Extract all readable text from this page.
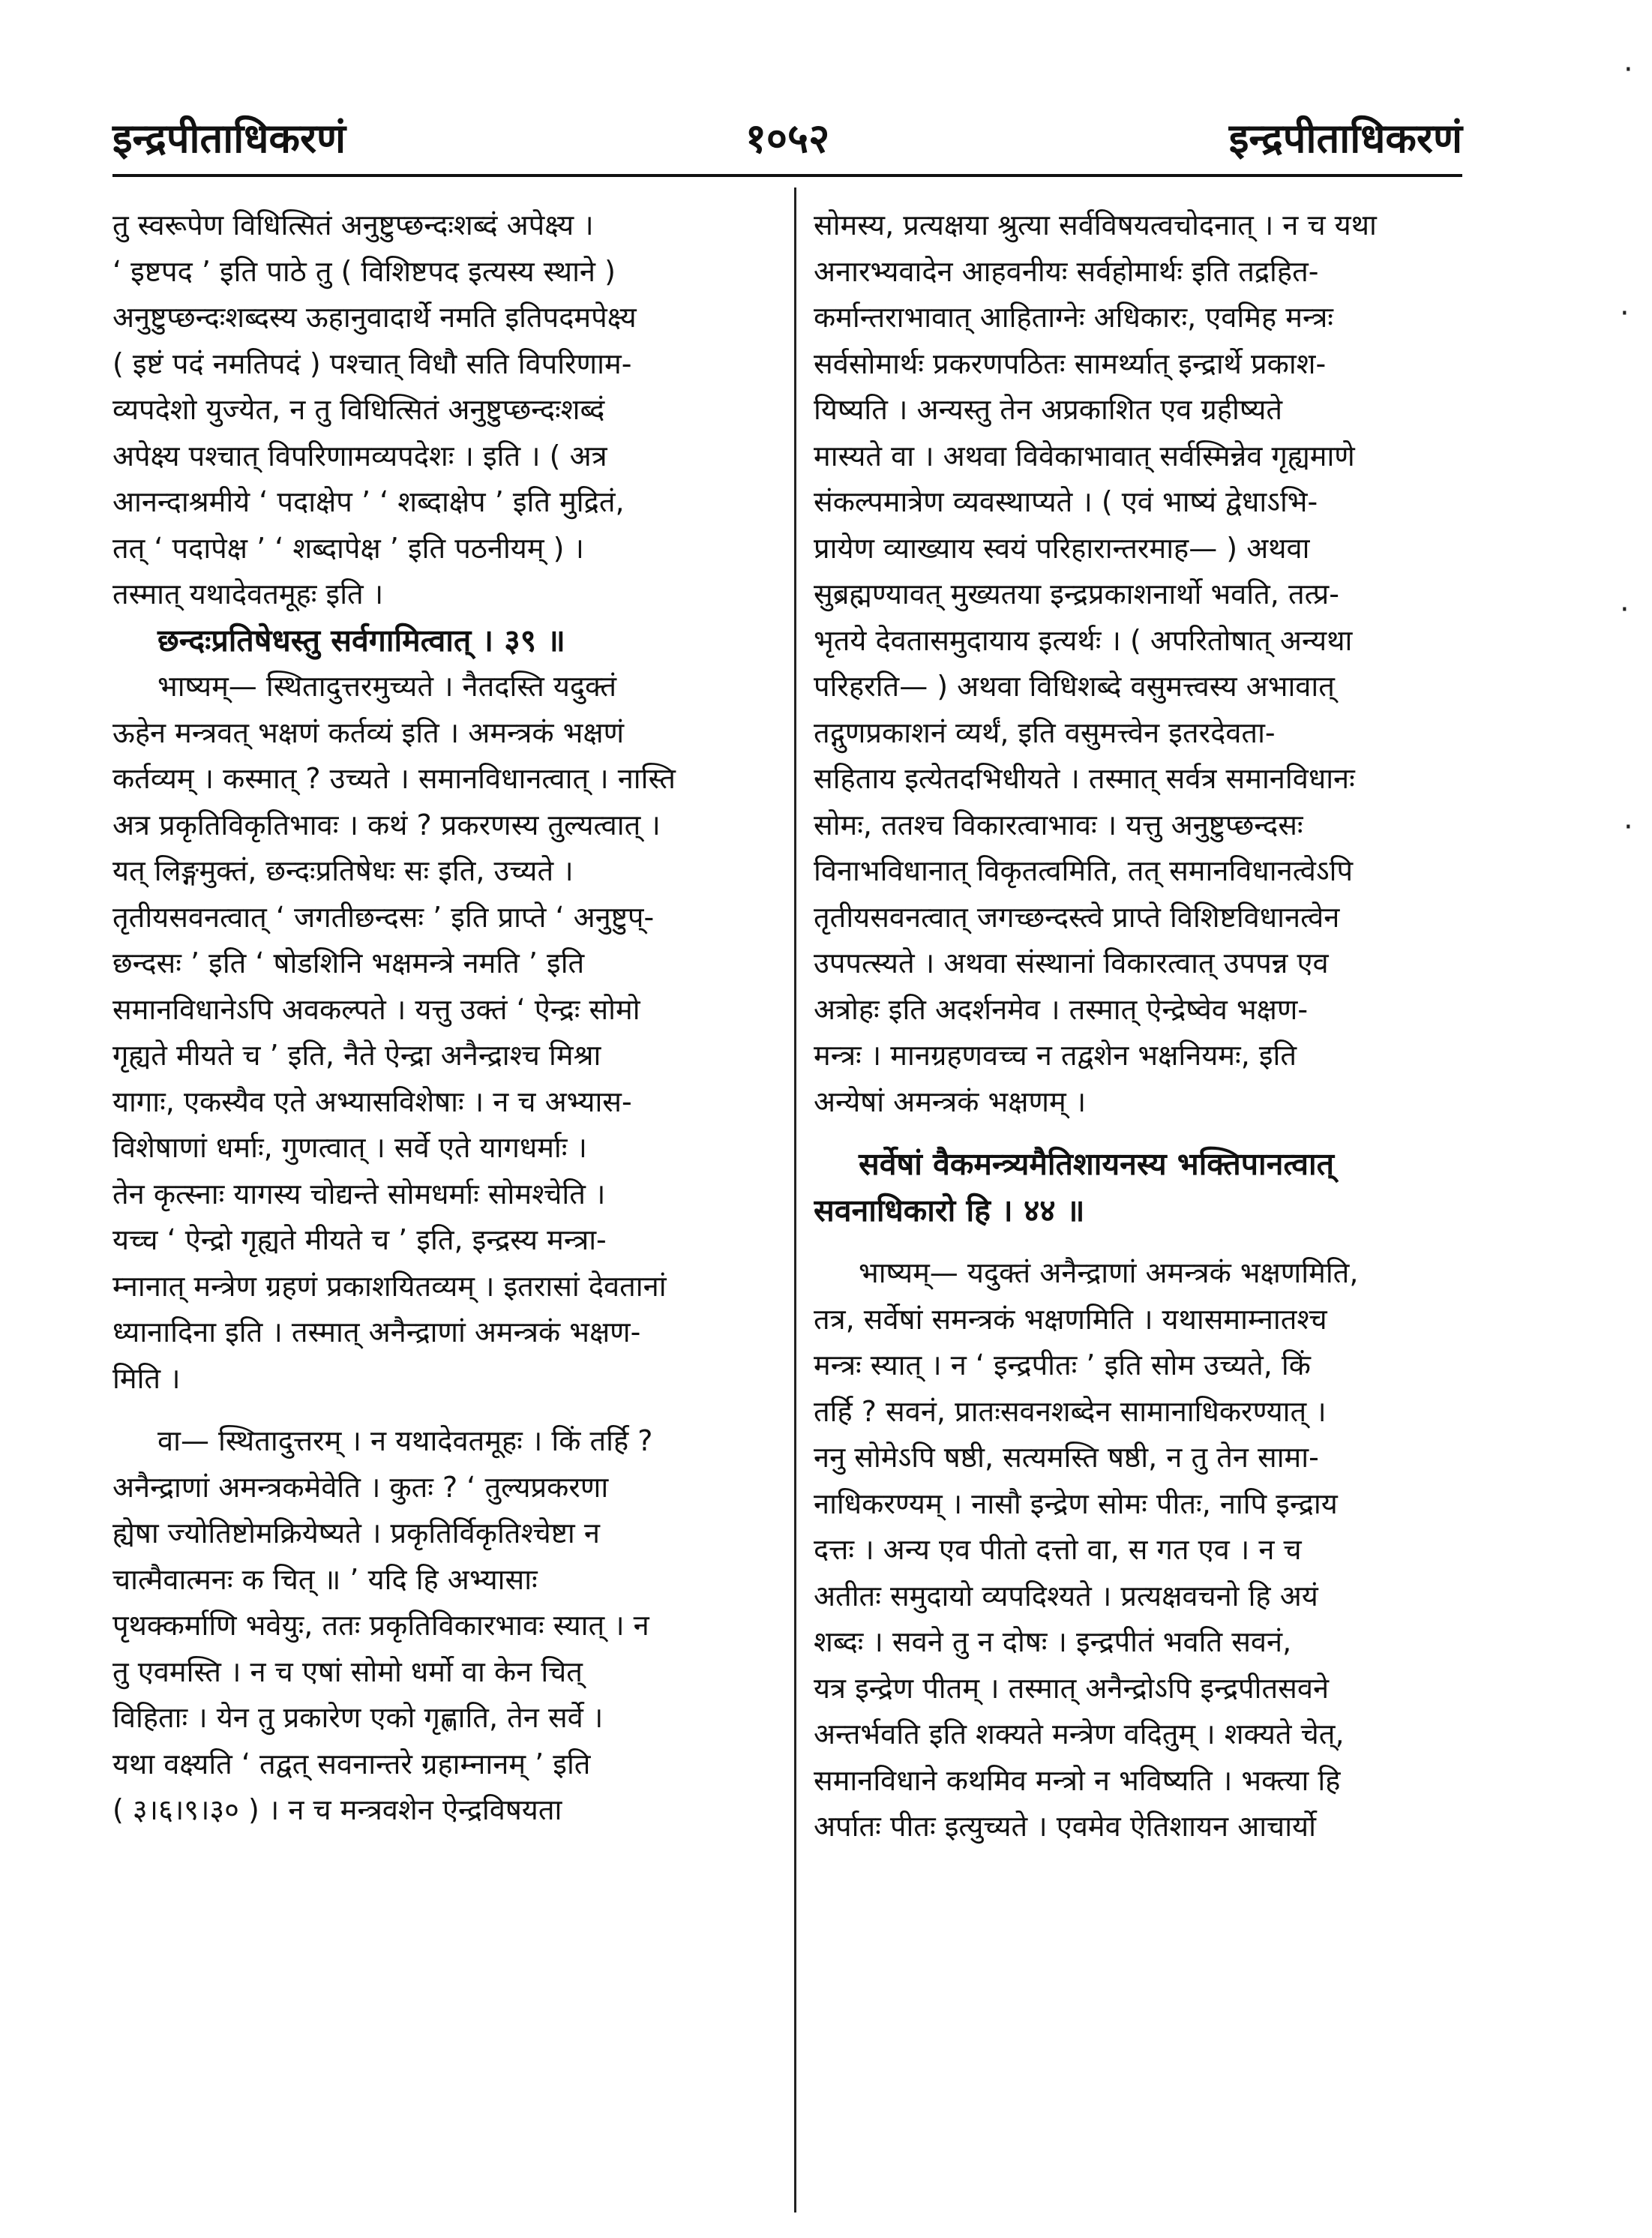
इन्द्रपीताधिकरणं	१०५२	इन्द्रपीताधिकरणं
तु स्वरूपेण विधित्सितं अनुष्टुप्छन्दःशब्दं अपेक्ष्य ।
‘ इष्टपद ’ इति पाठे तु ( विशिष्टपद इत्यस्य स्थाने )
अनुष्टुप्छन्दःशब्दस्य ऊहानुवादार्थे नमति इतिपदमपेक्ष्य
( इष्टं पदं नमतिपदं ) पश्चात् विधौ सति विपरिणाम-
व्यपदेशो युज्येत, न तु विधित्सितं अनुष्टुप्छन्दःशब्दं
अपेक्ष्य पश्चात् विपरिणामव्यपदेशः । इति । ( अत्र
आनन्दाश्रमीये ‘ पदाक्षेप ’ ‘ शब्दाक्षेप ’ इति मुद्रितं,
तत् ‘ पदापेक्ष ’ ‘ शब्दापेक्ष ’ इति पठनीयम् ) ।
तस्मात् यथादेवतमूहः इति ।
छन्दःप्रतिषेधस्तु सर्वगामित्वात् । ३९ ॥
भाष्यम्— स्थितादुत्तरमुच्यते । नैतदस्ति यदुक्तं
ऊहेन मन्त्रवत् भक्षणं कर्तव्यं इति । अमन्त्रकं भक्षणं
कर्तव्यम् । कस्मात् ? उच्यते । समानविधानत्वात् । नास्ति
अत्र प्रकृतिविकृतिभावः । कथं ? प्रकरणस्य तुल्यत्वात् ।
यत् लिङ्गमुक्तं, छन्दःप्रतिषेधः सः इति, उच्यते ।
तृतीयसवनत्वात् ‘ जगतीछन्दसः ’ इति प्राप्ते ‘ अनुष्टुप्-
छन्दसः ’ इति ‘ षोडशिनि भक्षमन्त्रे नमति ’ इति
समानविधानेऽपि अवकल्पते । यत्तु उक्तं ‘ ऐन्द्रः सोमो
गृह्यते मीयते च ’ इति, नैते ऐन्द्रा अनैन्द्राश्च मिश्रा
यागाः, एकस्यैव एते अभ्यासविशेषाः । न च अभ्यास-
विशेषाणां धर्माः, गुणत्वात् । सर्वे एते यागधर्माः ।
तेन कृत्स्नाः यागस्य चोद्यन्ते सोमधर्माः सोमश्चेति ।
यच्च ‘ ऐन्द्रो गृह्यते मीयते च ’ इति, इन्द्रस्य मन्त्रा-
म्नानात् मन्त्रेण ग्रहणं प्रकाशयितव्यम् । इतरासां देवतानां
ध्यानादिना इति । तस्मात् अनैन्द्राणां अमन्त्रकं भक्षण-
मिति ।
वा— स्थितादुत्तरम् । न यथादेवतमूहः । किं तर्हि ?
अनैन्द्राणां अमन्त्रकमेवेति । कुतः ? ‘ तुल्यप्रकरणा
ह्येषा ज्योतिष्टोमक्रियेष्यते । प्रकृतिर्विकृतिश्चेष्टा न
चात्मैवात्मनः क चित् ॥ ’ यदि हि अभ्यासाः
पृथक्कर्माणि भवेयुः, ततः प्रकृतिविकारभावः स्यात् । न
तु एवमस्ति । न च एषां सोमो धर्मो वा केन चित्
विहिताः । येन तु प्रकारेण एको गृह्णाति, तेन सर्वे ।
यथा वक्ष्यति ‘ तद्वत् सवनान्तरे ग्रहाम्नानम् ’ इति
( ३।६।९।३० ) । न च मन्त्रवशेन ऐन्द्रविषयता
सोमस्य, प्रत्यक्षया श्रुत्या सर्वविषयत्वचोदनात् । न च यथा
अनारभ्यवादेन आहवनीयः सर्वहोमार्थः इति तद्रहित-
कर्मान्तराभावात् आहिताग्नेः अधिकारः, एवमिह मन्त्रः
सर्वसोमार्थः प्रकरणपठितः सामर्थ्यात् इन्द्रार्थे प्रकाश-
यिष्यति । अन्यस्तु तेन अप्रकाशित एव ग्रहीष्यते
मास्यते वा । अथवा विवेकाभावात् सर्वस्मिन्नेव गृह्यमाणे
संकल्पमात्रेण व्यवस्थाप्यते । ( एवं भाष्यं द्वेधाऽभि-
प्रायेण व्याख्याय स्वयं परिहारान्तरमाह— ) अथवा
सुब्रह्मण्यावत् मुख्यतया इन्द्रप्रकाशनार्थो भवति, तत्प्र-
भृतये देवतासमुदायाय इत्यर्थः । ( अपरितोषात् अन्यथा
परिहरति— ) अथवा विधिशब्दे वसुमत्त्वस्य अभावात्
तद्गुणप्रकाशनं व्यर्थं, इति वसुमत्त्वेन इतरदेवता-
सहिताय इत्येतदभिधीयते । तस्मात् सर्वत्र समानविधानः
सोमः, ततश्च विकारत्वाभावः । यत्तु अनुष्टुप्छन्दसः
विनाभविधानात् विकृतत्वमिति, तत् समानविधानत्वेऽपि
तृतीयसवनत्वात् जगच्छन्दस्त्वे प्राप्ते विशिष्टविधानत्वेन
उपपत्स्यते । अथवा संस्थानां विकारत्वात् उपपन्न एव
अत्रोहः इति अदर्शनमेव । तस्मात् ऐन्द्रेष्वेव भक्षण-
मन्त्रः । मानग्रहणवच्च न तद्वशेन भक्षनियमः, इति
अन्येषां अमन्त्रकं भक्षणम् ।
सर्वेषां वैकमन्त्र्यमैतिशायनस्य भक्तिपानत्वात्
सवनाधिकारो हि । ४४ ॥
भाष्यम्— यदुक्तं अनैन्द्राणां अमन्त्रकं भक्षणमिति,
तत्र, सर्वेषां समन्त्रकं भक्षणमिति । यथासमाम्नातश्च
मन्त्रः स्यात् । न ‘ इन्द्रपीतः ’ इति सोम उच्यते, किं
तर्हि ? सवनं, प्रातःसवनशब्देन सामानाधिकरण्यात् ।
ननु सोमेऽपि षष्ठी, सत्यमस्ति षष्ठी, न तु तेन सामा-
नाधिकरण्यम् । नासौ इन्द्रेण सोमः पीतः, नापि इन्द्राय
दत्तः । अन्य एव पीतो दत्तो वा, स गत एव । न च
अतीतः समुदायो व्यपदिश्यते । प्रत्यक्षवचनो हि अयं
शब्दः । सवने तु न दोषः । इन्द्रपीतं भवति सवनं,
यत्र इन्द्रेण पीतम् । तस्मात् अनैन्द्रोऽपि इन्द्रपीतसवने
अन्तर्भवति इति शक्यते मन्त्रेण वदितुम् । शक्यते चेत्,
समानविधाने कथमिव मन्त्रो न भविष्यति । भक्त्या हि
अर्पातः पीतः इत्युच्यते । एवमेव ऐतिशायन आचार्यो
·
·
·
·
